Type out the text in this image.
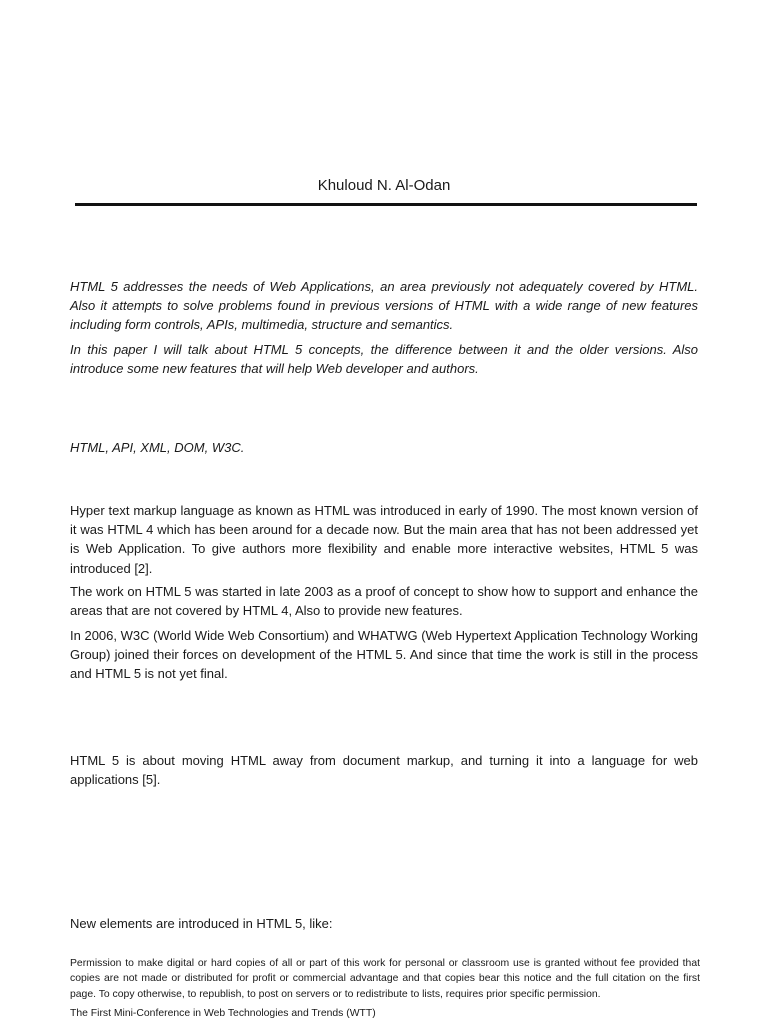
Khuloud N. Al-Odan

HTML 5 addresses the needs of Web Applications, an area previously not adequately covered by HTML. Also it attempts to solve problems found in previous versions of HTML with a wide range of new features including form controls, APIs, multimedia, structure and semantics.

In this paper I will talk about HTML 5 concepts, the difference between it and the older versions. Also introduce some new features that will help Web developer and authors.

HTML, API, XML, DOM, W3C.

Hyper text markup language as known as HTML was introduced in early of 1990. The most known version of it was HTML 4 which has been around for a decade now. But the main area that has not been addressed yet is Web Application. To give authors more flexibility and enable more interactive websites, HTML 5 was introduced [2].

The work on HTML 5 was started in late 2003 as a proof of concept to show how to support and enhance the areas that are not covered by HTML 4, Also to provide new features.

In 2006, W3C (World Wide Web Consortium) and WHATWG (Web Hypertext Application Technology Working Group) joined their forces on development of the HTML 5. And since that time the work is still in the process and HTML 5 is not yet final.

HTML 5 is about moving HTML away from document markup, and turning it into a language for web applications [5].

New elements are introduced in HTML 5, like:

Permission to make digital or hard copies of all or part of this work for personal or classroom use is granted without fee provided that copies are not made or distributed for profit or commercial advantage and that copies bear this notice and the full citation on the first page. To copy otherwise, to republish, to post on servers or to redistribute to lists, requires prior specific permission.

The First Mini-Conference in Web Technologies and Trends (WTT)
